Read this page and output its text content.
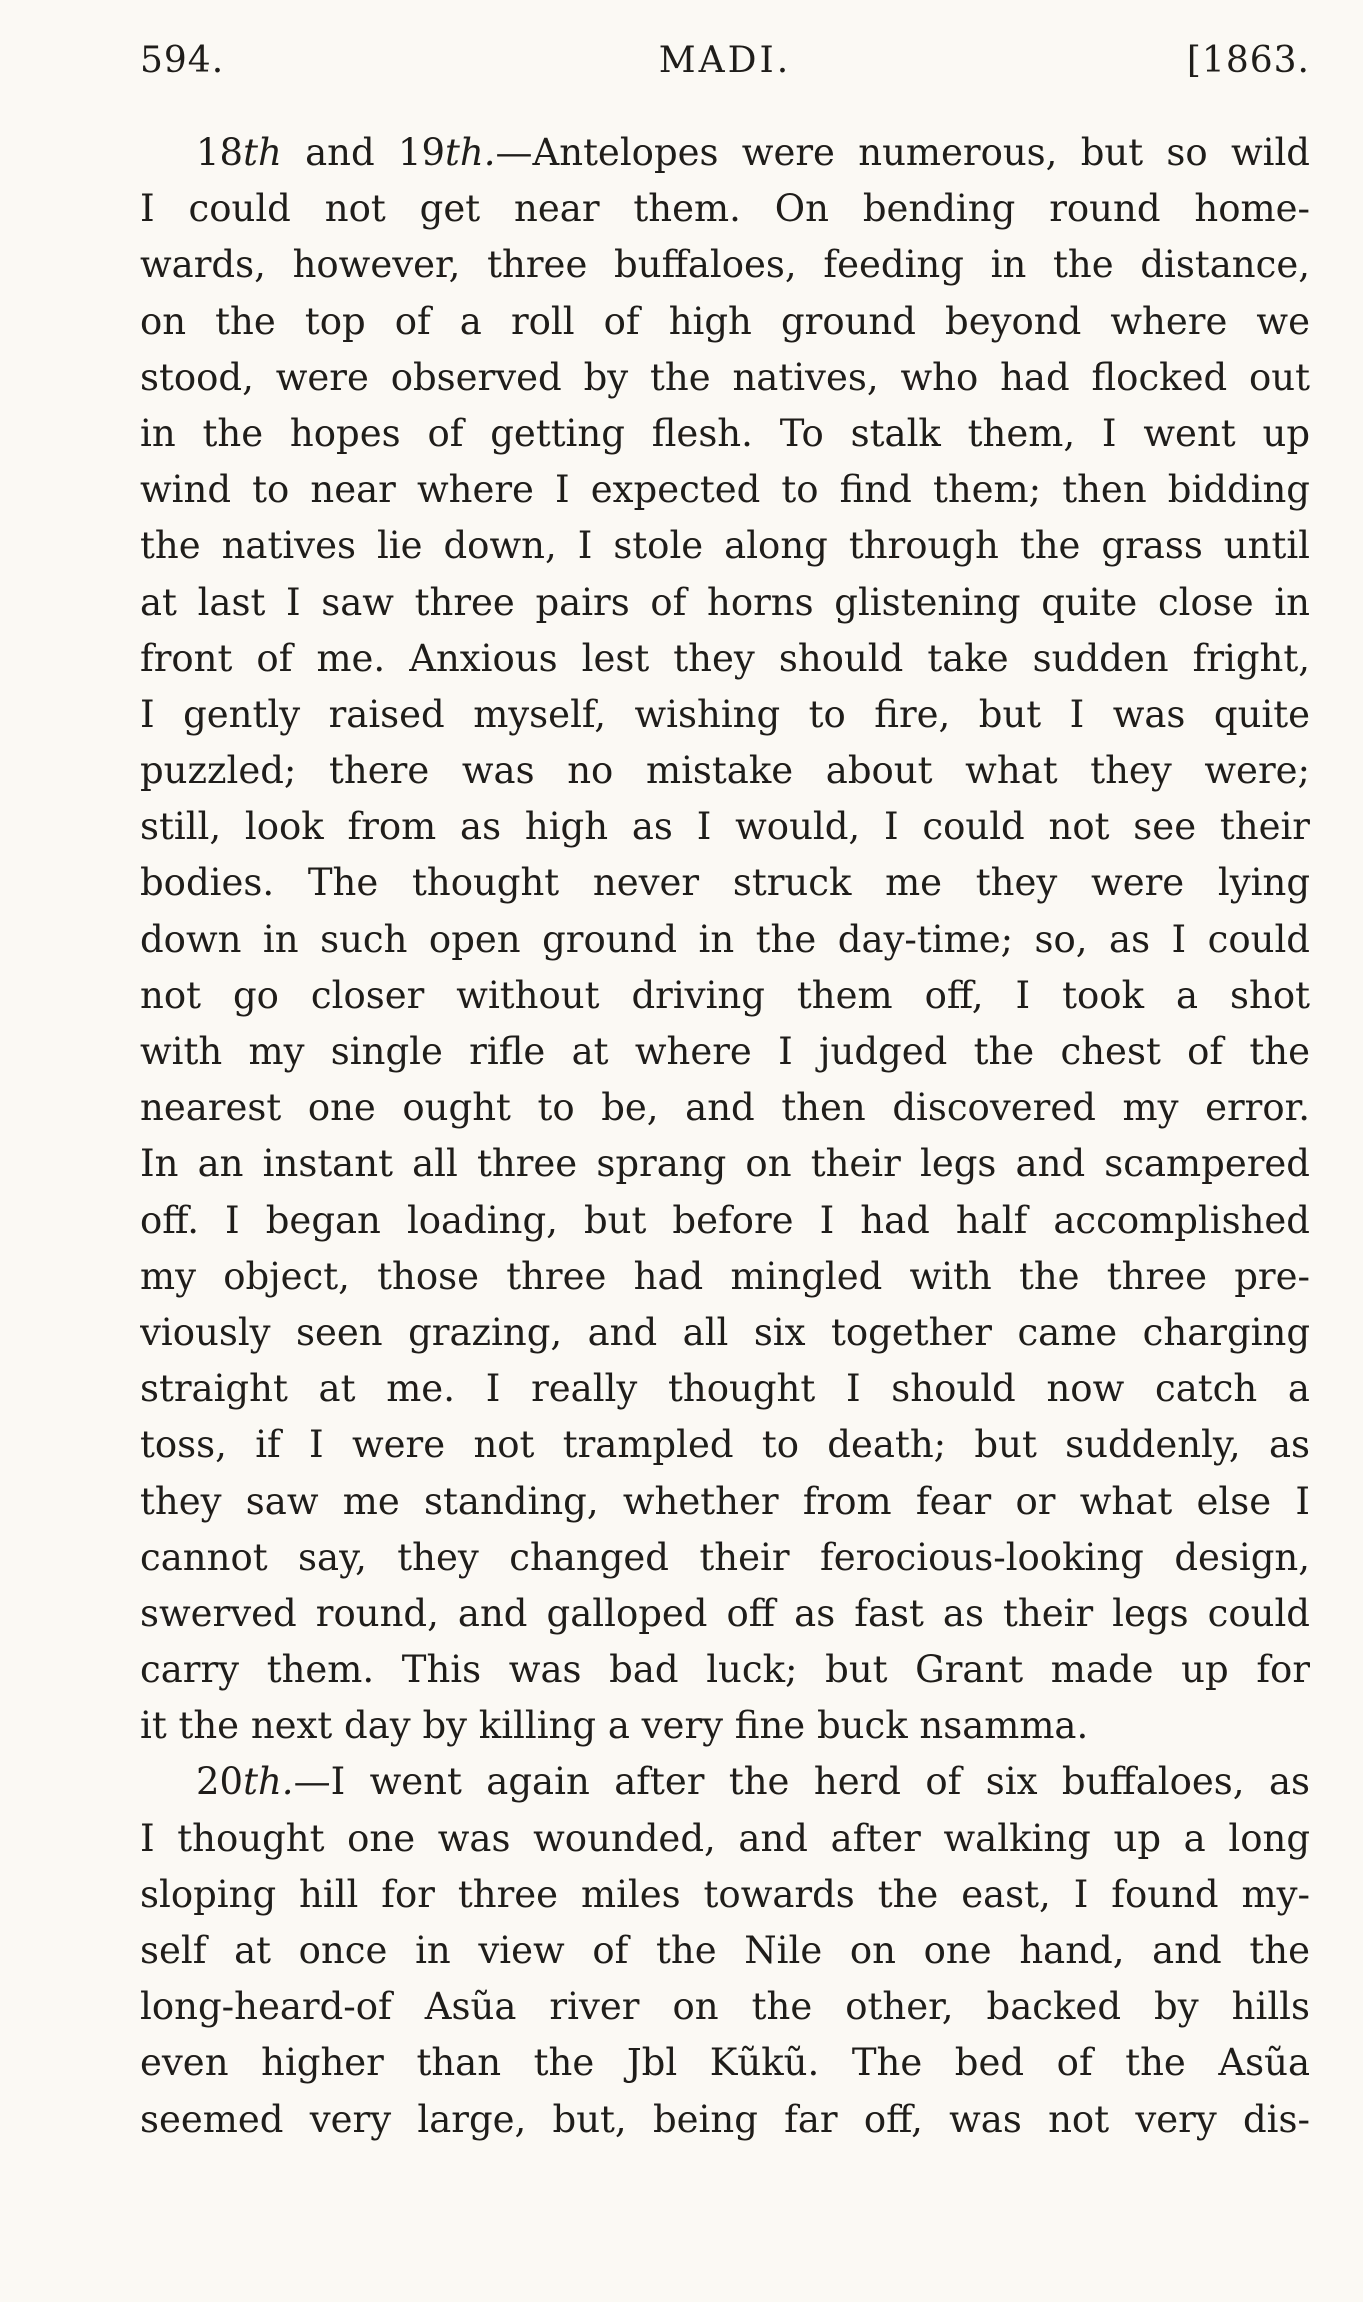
594.	MADI.	[1863.
18th and 19th.—Antelopes were numerous, but so wild
I could not get near them. On bending round home-
wards, however, three buffaloes, feeding in the distance,
on the top of a roll of high ground beyond where we
stood, were observed by the natives, who had flocked out
in the hopes of getting flesh. To stalk them, I went up
wind to near where I expected to find them; then bidding
the natives lie down, I stole along through the grass until
at last I saw three pairs of horns glistening quite close in
front of me. Anxious lest they should take sudden fright,
I gently raised myself, wishing to fire, but I was quite
puzzled; there was no mistake about what they were;
still, look from as high as I would, I could not see their
bodies. The thought never struck me they were lying
down in such open ground in the day-time; so, as I could
not go closer without driving them off, I took a shot
with my single rifle at where I judged the chest of the
nearest one ought to be, and then discovered my error.
In an instant all three sprang on their legs and scampered
off. I began loading, but before I had half accomplished
my object, those three had mingled with the three pre-
viously seen grazing, and all six together came charging
straight at me. I really thought I should now catch a
toss, if I were not trampled to death; but suddenly, as
they saw me standing, whether from fear or what else I
cannot say, they changed their ferocious-looking design,
swerved round, and galloped off as fast as their legs could
carry them. This was bad luck; but Grant made up for
it the next day by killing a very fine buck nsamma.
20th.—I went again after the herd of six buffaloes, as
I thought one was wounded, and after walking up a long
sloping hill for three miles towards the east, I found my-
self at once in view of the Nile on one hand, and the
long-heard-of Asũa river on the other, backed by hills
even higher than the Jbl Kũkũ. The bed of the Asũa
seemed very large, but, being far off, was not very dis-
